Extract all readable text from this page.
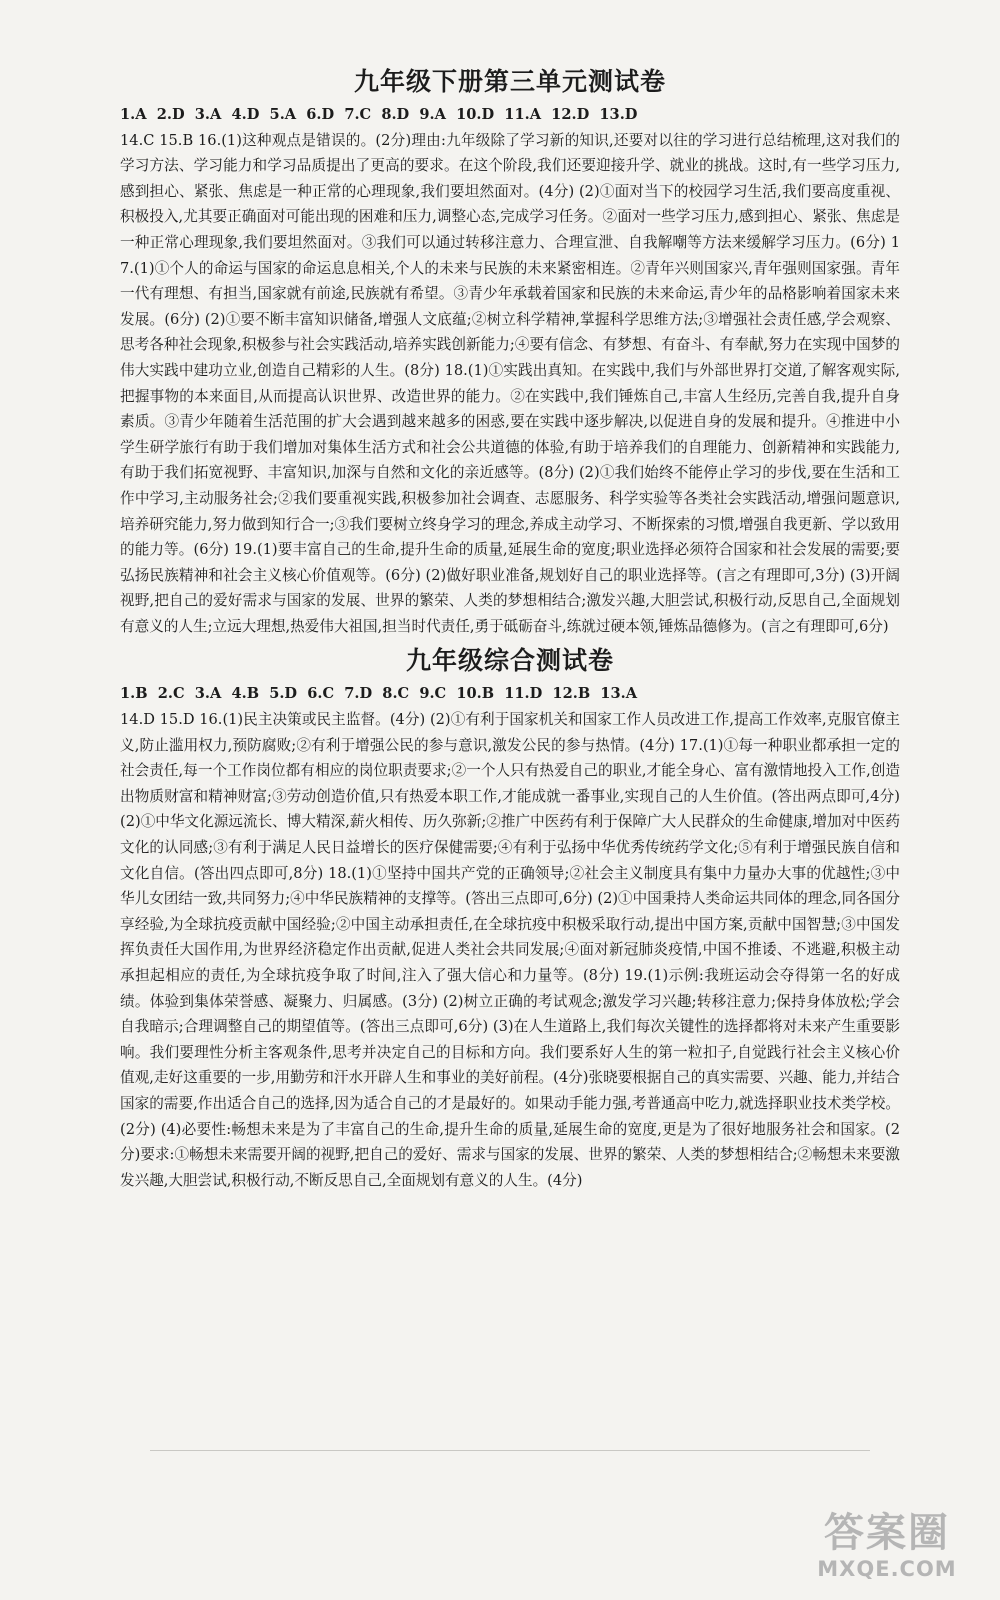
九年级下册第三单元测试卷

1.A  2.D  3.A  4.D  5.A  6.D  7.C  8.D  9.A  10.D  11.A  12.D  13.D

14.C 15.B 16.(1)这种观点是错误的。(2分)理由:九年级除了学习新的知识,还要对以往的学习进行总结梳理,这对我们的学习方法、学习能力和学习品质提出了更高的要求。在这个阶段,我们还要迎接升学、就业的挑战。这时,有一些学习压力,感到担心、紧张、焦虑是一种正常的心理现象,我们要坦然面对。(4分) (2)①面对当下的校园学习生活,我们要高度重视、积极投入,尤其要正确面对可能出现的困难和压力,调整心态,完成学习任务。②面对一些学习压力,感到担心、紧张、焦虑是一种正常心理现象,我们要坦然面对。③我们可以通过转移注意力、合理宣泄、自我解嘲等方法来缓解学习压力。(6分) 17.(1)①个人的命运与国家的命运息息相关,个人的未来与民族的未来紧密相连。②青年兴则国家兴,青年强则国家强。青年一代有理想、有担当,国家就有前途,民族就有希望。③青少年承载着国家和民族的未来命运,青少年的品格影响着国家未来发展。(6分) (2)①要不断丰富知识储备,增强人文底蕴;②树立科学精神,掌握科学思维方法;③增强社会责任感,学会观察、思考各种社会现象,积极参与社会实践活动,培养实践创新能力;④要有信念、有梦想、有奋斗、有奉献,努力在实现中国梦的伟大实践中建功立业,创造自己精彩的人生。(8分) 18.(1)①实践出真知。在实践中,我们与外部世界打交道,了解客观实际,把握事物的本来面目,从而提高认识世界、改造世界的能力。②在实践中,我们锤炼自己,丰富人生经历,完善自我,提升自身素质。③青少年随着生活范围的扩大会遇到越来越多的困惑,要在实践中逐步解决,以促进自身的发展和提升。④推进中小学生研学旅行有助于我们增加对集体生活方式和社会公共道德的体验,有助于培养我们的自理能力、创新精神和实践能力,有助于我们拓宽视野、丰富知识,加深与自然和文化的亲近感等。(8分) (2)①我们始终不能停止学习的步伐,要在生活和工作中学习,主动服务社会;②我们要重视实践,积极参加社会调查、志愿服务、科学实验等各类社会实践活动,增强问题意识,培养研究能力,努力做到知行合一;③我们要树立终身学习的理念,养成主动学习、不断探索的习惯,增强自我更新、学以致用的能力等。(6分) 19.(1)要丰富自己的生命,提升生命的质量,延展生命的宽度;职业选择必须符合国家和社会发展的需要;要弘扬民族精神和社会主义核心价值观等。(6分) (2)做好职业准备,规划好自己的职业选择等。(言之有理即可,3分) (3)开阔视野,把自己的爱好需求与国家的发展、世界的繁荣、人类的梦想相结合;激发兴趣,大胆尝试,积极行动,反思自己,全面规划有意义的人生;立远大理想,热爱伟大祖国,担当时代责任,勇于砥砺奋斗,练就过硬本领,锤炼品德修为。(言之有理即可,6分)

九年级综合测试卷

1.B  2.C  3.A  4.B  5.D  6.C  7.D  8.C  9.C  10.B  11.D  12.B  13.A

14.D 15.D 16.(1)民主决策或民主监督。(4分) (2)①有利于国家机关和国家工作人员改进工作,提高工作效率,克服官僚主义,防止滥用权力,预防腐败;②有利于增强公民的参与意识,激发公民的参与热情。(4分) 17.(1)①每一种职业都承担一定的社会责任,每一个工作岗位都有相应的岗位职责要求;②一个人只有热爱自己的职业,才能全身心、富有激情地投入工作,创造出物质财富和精神财富;③劳动创造价值,只有热爱本职工作,才能成就一番事业,实现自己的人生价值。(答出两点即可,4分) (2)①中华文化源远流长、博大精深,薪火相传、历久弥新;②推广中医药有利于保障广大人民群众的生命健康,增加对中医药文化的认同感;③有利于满足人民日益增长的医疗保健需要;④有利于弘扬中华优秀传统药学文化;⑤有利于增强民族自信和文化自信。(答出四点即可,8分) 18.(1)①坚持中国共产党的正确领导;②社会主义制度具有集中力量办大事的优越性;③中华儿女团结一致,共同努力;④中华民族精神的支撑等。(答出三点即可,6分) (2)①中国秉持人类命运共同体的理念,同各国分享经验,为全球抗疫贡献中国经验;②中国主动承担责任,在全球抗疫中积极采取行动,提出中国方案,贡献中国智慧;③中国发挥负责任大国作用,为世界经济稳定作出贡献,促进人类社会共同发展;④面对新冠肺炎疫情,中国不推诿、不逃避,积极主动承担起相应的责任,为全球抗疫争取了时间,注入了强大信心和力量等。(8分) 19.(1)示例:我班运动会夺得第一名的好成绩。体验到集体荣誉感、凝聚力、归属感。(3分) (2)树立正确的考试观念;激发学习兴趣;转移注意力;保持身体放松;学会自我暗示;合理调整自己的期望值等。(答出三点即可,6分) (3)在人生道路上,我们每次关键性的选择都将对未来产生重要影响。我们要理性分析主客观条件,思考并决定自己的目标和方向。我们要系好人生的第一粒扣子,自觉践行社会主义核心价值观,走好这重要的一步,用勤劳和汗水开辟人生和事业的美好前程。(4分)张晓要根据自己的真实需要、兴趣、能力,并结合国家的需要,作出适合自己的选择,因为适合自己的才是最好的。如果动手能力强,考普通高中吃力,就选择职业技术类学校。(2分) (4)必要性:畅想未来是为了丰富自己的生命,提升生命的质量,延展生命的宽度,更是为了很好地服务社会和国家。(2分)要求:①畅想未来需要开阔的视野,把自己的爱好、需求与国家的发展、世界的繁荣、人类的梦想相结合;②畅想未来要激发兴趣,大胆尝试,积极行动,不断反思自己,全面规划有意义的人生。(4分)

答案圈
MXQE.COM
